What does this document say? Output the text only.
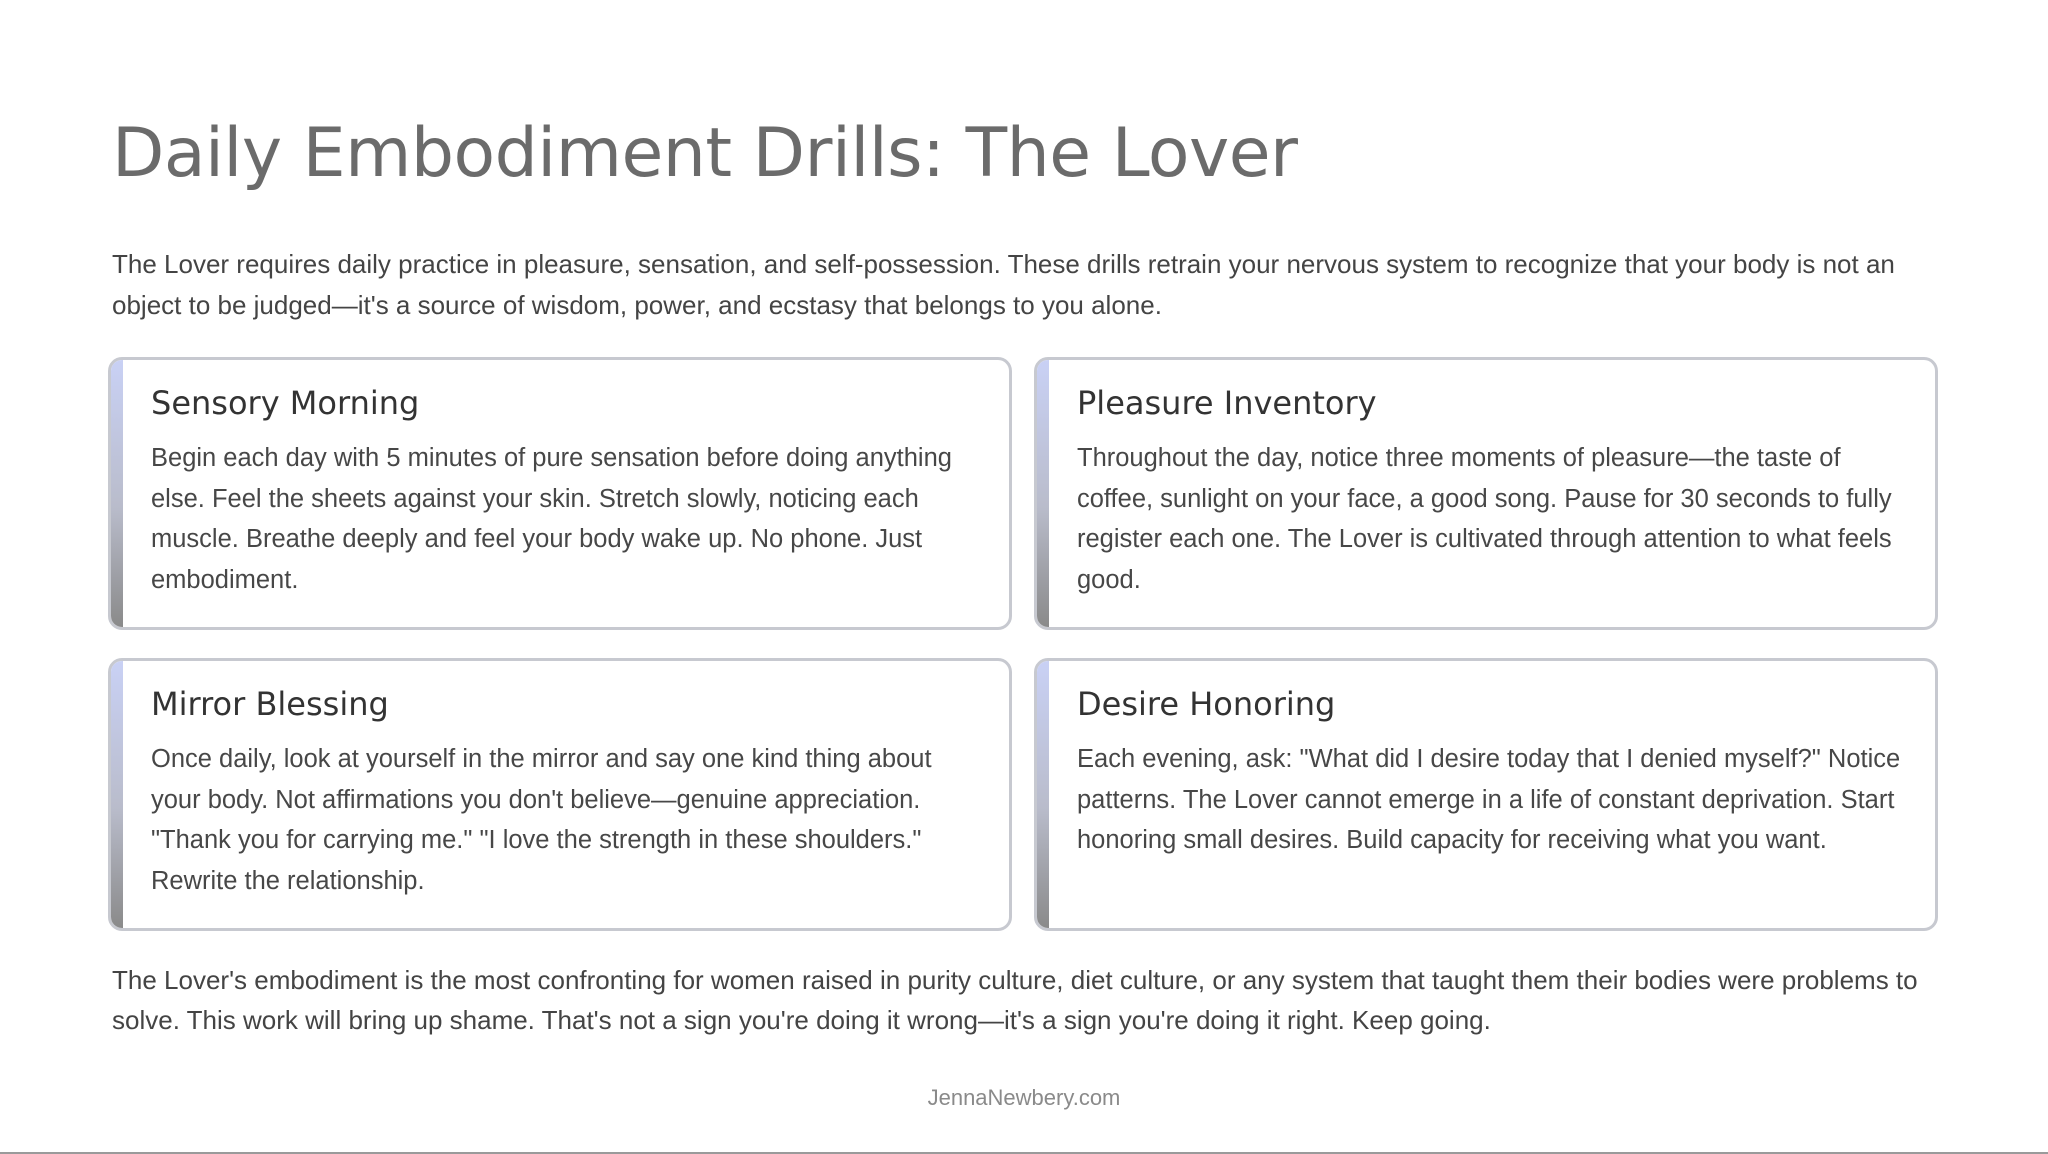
Daily Embodiment Drills: The Lover

The Lover requires daily practice in pleasure, sensation, and self-possession. These drills retrain your nervous system to recognize that your body is not an object to be judged—it's a source of wisdom, power, and ecstasy that belongs to you alone.

Sensory Morning

Begin each day with 5 minutes of pure sensation before doing anything else. Feel the sheets against your skin. Stretch slowly, noticing each muscle. Breathe deeply and feel your body wake up. No phone. Just embodiment.

Pleasure Inventory

Throughout the day, notice three moments of pleasure—the taste of coffee, sunlight on your face, a good song. Pause for 30 seconds to fully register each one. The Lover is cultivated through attention to what feels good.

Mirror Blessing

Once daily, look at yourself in the mirror and say one kind thing about your body. Not affirmations you don't believe—genuine appreciation. "Thank you for carrying me." "I love the strength in these shoulders." Rewrite the relationship.

Desire Honoring

Each evening, ask: "What did I desire today that I denied myself?" Notice patterns. The Lover cannot emerge in a life of constant deprivation. Start honoring small desires. Build capacity for receiving what you want.

The Lover's embodiment is the most confronting for women raised in purity culture, diet culture, or any system that taught them their bodies were problems to solve. This work will bring up shame. That's not a sign you're doing it wrong—it's a sign you're doing it right. Keep going.

JennaNewbery.com
